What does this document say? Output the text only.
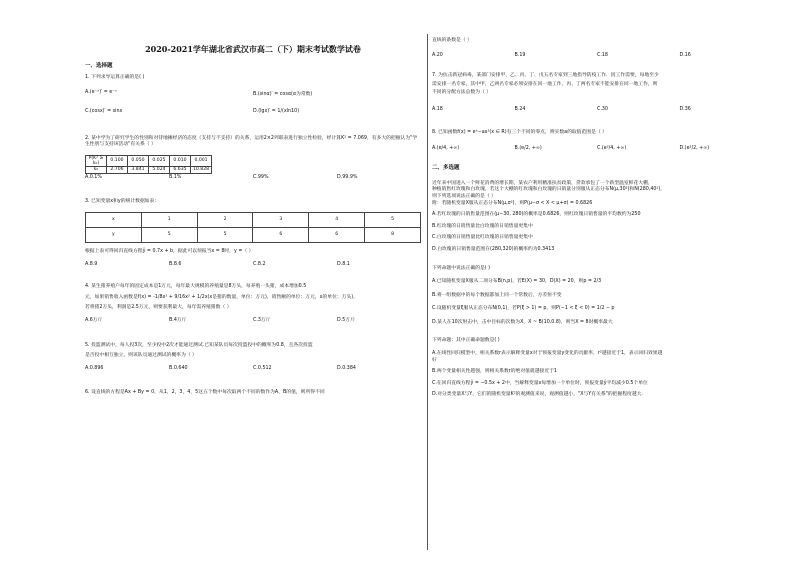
2020-2021学年湖北省武汉市高二（下）期末考试数学试卷
一、选择题

1. 下列求导运算正确的是( )

A.(e⁻ˣ)′ = e⁻ˣ	B.(sinα)′ = cosα(α为常数)
C.(cosx)′ = sinx	D.(lgx)′ = 1/(xln10)

2. 某中学为了研究学生的性别和对待地摊经济的态度（支持与不支持）的关系，运用2×2列联表进行独立性检验，经计算K² = 7.069，有多大的把握认为"学生性别与支持该活动"有关系（ ）

P(K² ≥ k₀)	0.100	0.050	0.025	0.010	0.001
k₀	2.706	3.841	5.024	6.635	10.828
A.0.1%	B.1%	C.99%	D.99.9%

3. 已知变量x和y的统计数据如表：

x	1	2	3	4	5
y	5	5	6	6	8

根据上表可得回归直线方程ŷ = 0.7x + b，据此可以预报当x = 8时，y =（ ）

A.8.9	B.8.6	C.8.2	D.8.1

4. 某生猪养殖户每年的固定成本是1万元，每年最大规模的养殖量是8万头，每养殖一头猪，成本增加0.5

元，如果销售收入函数是f(x) = -1/8x³ + 9/16x² + 1/2x(x是猪的数量，单位：万元)，销售额的单位：万元，x的单位：万头)，

若将猪2万头，利润是2.5万元，则要获利最大，每年需养殖猪数（ ）

A.6万斤	B.4万斤	C.3万斤	D.5万斤

5. 投篮测试中，每人投3次，至少投中2次才能通过测试.已知某队员每次投篮投中的概率为0.8，且各次投篮

是否投中相互独立，则该队员通过测试的概率为（ ）

A.0.896	B.0.640	C.0.512	D.0.384

6. 设直线的方程是Ax + By = 0，从1，2，3，4，5这五个数中每次取两个不同的数作为A、B的值，则所得不同

直线的条数是（ ）

A.20	B.19	C.18	D.16

7. 为抗击新冠病毒，某部门安排甲、乙、丙、丁、戊五名专家到三地指导防疫工作．因工作需要，每地至少

需安排一名专家，其中甲、乙两名专家必须安排在同一地工作，丙、丁两名专家不能安排在同一地工作，则

不同的分配方法总数为（ ）

A.18	B.24	C.30	D.36

8. 已知函数f(x) = eˣ−ax²(x ∈ R)有三个不同的零点，则实数a的取值范围是（ ）

A.(e/4, +∞)	B.(e/2, +∞)	C.(e²/4, +∞)	D.(e²/2, +∞)
二、多选题

近年来中国进入一个鲜花消费的增长期，某农户利用精准扶贫政策，贷款承包了一个新型温室鲜花大棚，

种植销售红玫瑰和白玫瑰，若这个大棚的红玫瑰和白玫瑰的日销量分别服从正态分布N(μ,30²)和N(280,40²)，

则下列选项说法正确的是（ ）

附：若随机变量X服从正态分布N(μ,σ²)，则P(μ−σ < X < μ+σ) = 0.6826

A.若红玫瑰的日销售量范围在(μ−30, 280)的概率是0.6826，则红玫瑰日销售量的平均数约为250

B.红玫瑰的日销售量比白玫瑰的日销售量更集中

C.白玫瑰的日销售量比红玫瑰的日销售量更集中

D.白玫瑰的日销售量范围在(280,320)的概率约为0.3413

下列命题中说法正确的是( )

A.已知随机变量X服从二项分布B(n,p)，若E(X) = 30，D(X) = 20，则p = 2/3

B.将一组数据中的每个数据都加上同一个常数后，方差恒不变

C.设随机变量ξ服从正态分布N(0,1)，若P(ξ > 1) = p，则P(−1 < ξ < 0) = 1/2 − p

D.某人在10次射击中，击中目标的次数为X，X ~ B(10,0.8)，则当X = 8时概率最大

下列命题：其中正确命题数是( )

A.在线性回归模型中，相关系数r表示解释变量x对于预报变量y变化的贡献率，r²越接近于1，表示回归效果越

好

B.两个变量相关性越强，则相关系数r的绝对值就越接近于1

C.在回归直线方程ŷ = −0.5x + 2中，当解释变量x每增加一个单位时，预报变量ŷ平均减少0.5个单位

D.对分类变量X与Y，它们的随机变量K²的观测值来说，观测值越小，"X与Y有关系"的把握程度越大.
